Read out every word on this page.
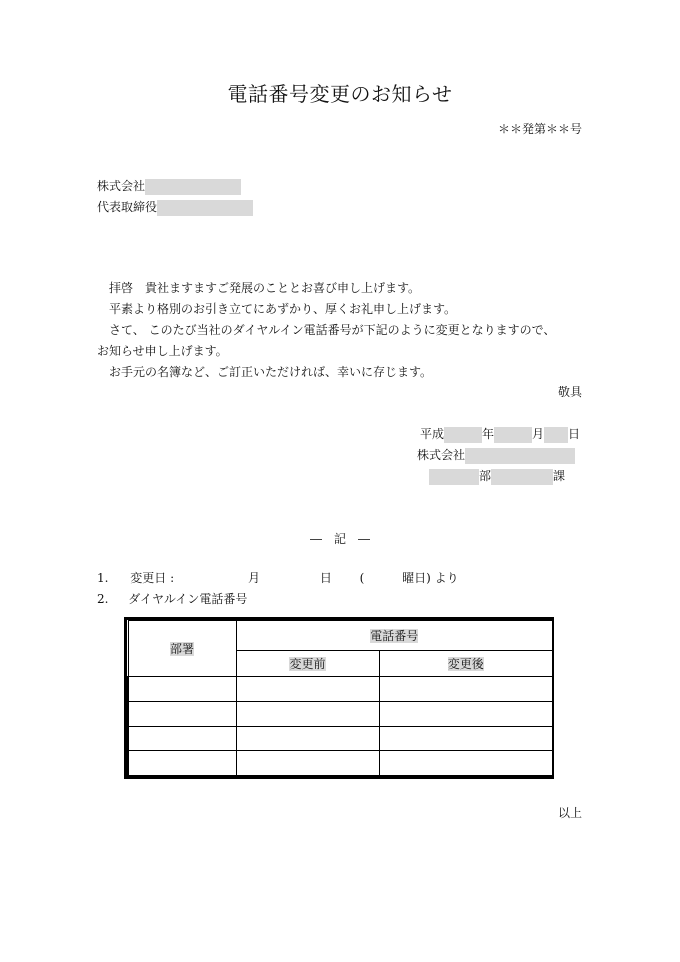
電話番号変更のお知らせ
＊＊発第＊＊号
株式会社
代表取締役
拝啓　貴社ますますご発展のこととお喜び申し上げます。
平素より格別のお引き立てにあずかり、厚くお礼申し上げます。
さて、 このたび当社のダイヤルイン電話番号が下記のように変更となりますので、
お知らせ申し上げます。
お手元の名簿など、ご訂正いただければ、幸いに存じます。
敬具
平成	年	月 日
株式会社
部	課
―　記　―
1. 変更日 :	月	日 (	曜日) より
2. ダイヤルイン電話番号
部署	電話番号	
	変更前	変更後

以上
